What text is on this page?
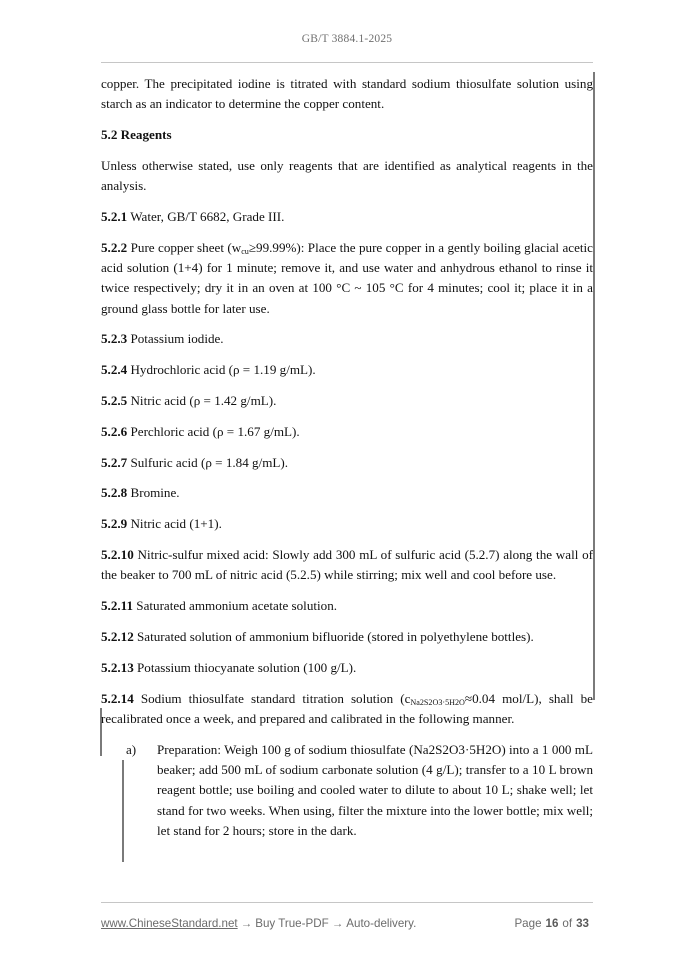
GB/T 3884.1-2025

copper. The precipitated iodine is titrated with standard sodium thiosulfate solution using starch as an indicator to determine the copper content.

5.2 Reagents

Unless otherwise stated, use only reagents that are identified as analytical reagents in the analysis.

5.2.1 Water, GB/T 6682, Grade III.

5.2.2 Pure copper sheet $(w_{cu}\ge 99.99\%)$: Place the pure copper in a gently boiling glacial acetic acid solution (1+4) for 1 minute; remove it, and use water and anhydrous ethanol to rinse it twice respectively; dry it in an oven at 100 °C ~ 105 °C for 4 minutes; cool it; place it in a ground glass bottle for later use.

5.2.3 Potassium iodide.

5.2.4 Hydrochloric acid (ρ = 1.19 g/mL).

5.2.5 Nitric acid (ρ = 1.42 g/mL).

5.2.6 Perchloric acid (ρ = 1.67 g/mL).

5.2.7 Sulfuric acid (ρ = 1.84 g/mL).

5.2.8 Bromine.

5.2.9 Nitric acid (1+1).

5.2.10 Nitric-sulfur mixed acid: Slowly add 300 mL of sulfuric acid (5.2.7) along the wall of the beaker to 700 mL of nitric acid (5.2.5) while stirring; mix well and cool before use.

5.2.11 Saturated ammonium acetate solution.

5.2.12 Saturated solution of ammonium bifluoride (stored in polyethylene bottles).

5.2.13 Potassium thiocyanate solution (100 g/L).

5.2.14 Sodium thiosulfate standard titration solution ($c_{Na2S2O3\cdot 5H2O}\approx 0.04$ mol/L), shall be recalibrated once a week, and prepared and calibrated in the following manner.

a) Preparation: Weigh 100 g of sodium thiosulfate (Na2S2O3·5H2O) into a 1 000 mL beaker; add 500 mL of sodium carbonate solution (4 g/L); transfer to a 10 L brown reagent bottle; use boiling and cooled water to dilute to about 10 L; shake well; let stand for two weeks. When using, filter the mixture into the lower bottle; mix well; let stand for 2 hours; store in the dark.
www.ChineseStandard.net → Buy True-PDF → Auto-delivery.	Page 16 of 33
